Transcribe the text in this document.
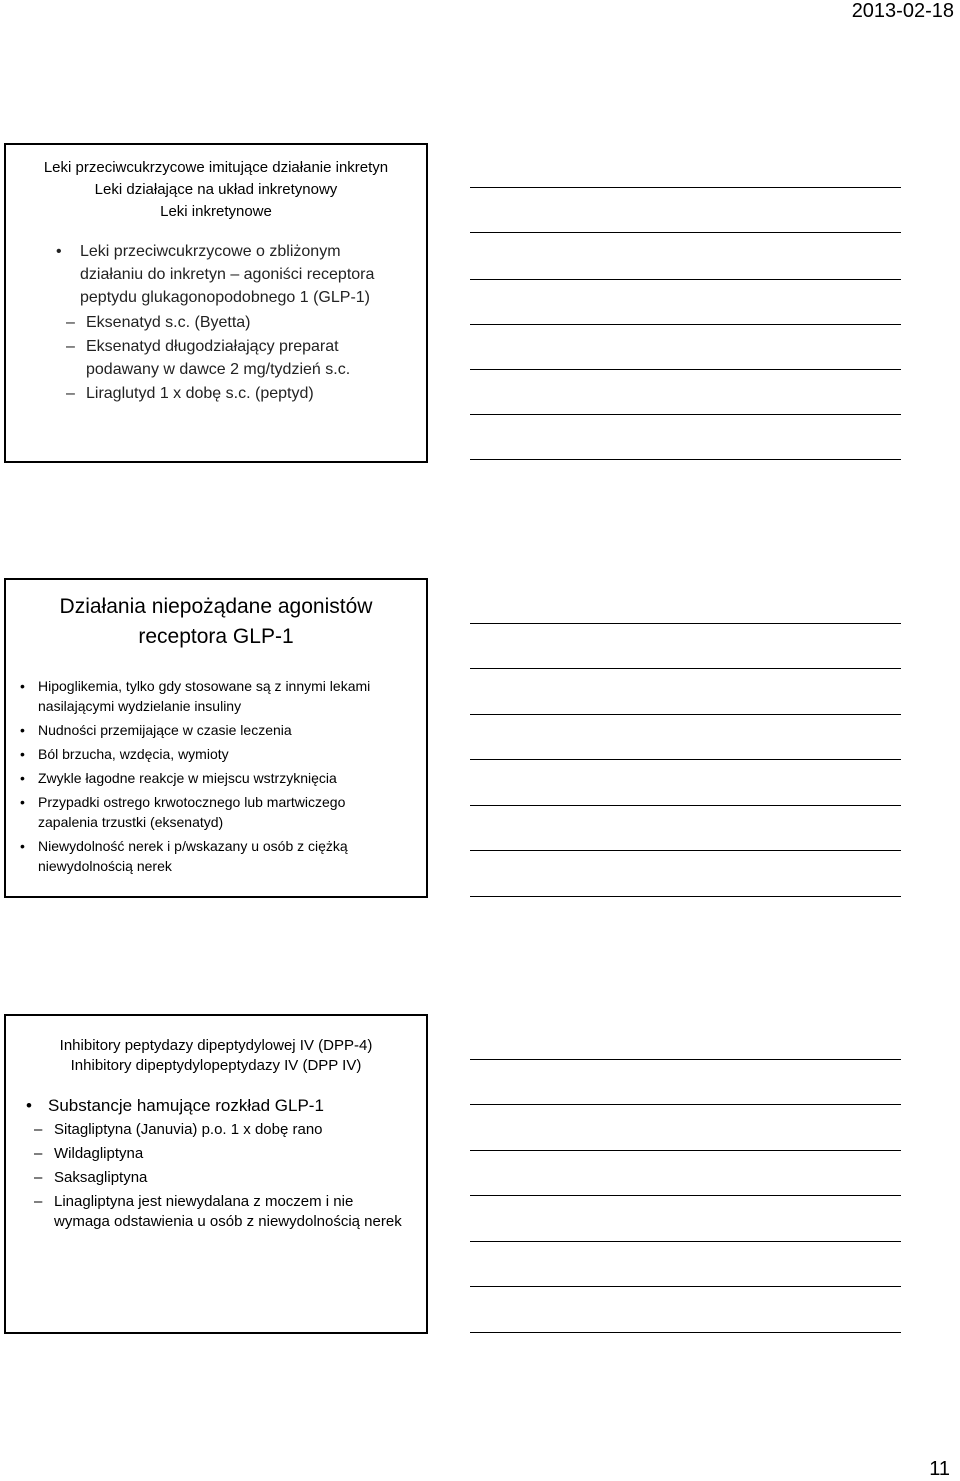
2013-02-18
Leki przeciwcukrzycowe imitujące działanie inkretyn
Leki działające na układ inkretynowy
Leki inkretynowe
• Leki przeciwcukrzycowe o zbliżonym działaniu do inkretyn – agoniści receptora peptydu glukagonopodobnego 1 (GLP-1)
– Eksenatyd s.c. (Byetta)
– Eksenatyd długodziałający preparat podawany w dawce 2 mg/tydzień s.c.
– Liraglutyd 1 x dobę s.c. (peptyd)
Działania niepożądane agonistów
receptora GLP-1
• Hipoglikemia, tylko gdy stosowane są z innymi lekami nasilającymi wydzielanie insuliny
• Nudności przemijające w czasie leczenia
• Ból brzucha, wzdęcia, wymioty
• Zwykle łagodne reakcje w miejscu wstrzyknięcia
• Przypadki ostrego krwotocznego lub martwiczego zapalenia trzustki (eksenatyd)
• Niewydolność nerek i p/wskazany u osób z ciężką niewydolnością nerek
Inhibitory peptydazy dipeptydylowej IV (DPP-4)
Inhibitory dipeptydylopeptydazy IV (DPP IV)
• Substancje hamujące rozkład GLP-1
– Sitagliptyna (Januvia) p.o. 1 x dobę rano
– Wildagliptyna
– Saksagliptyna
– Linagliptyna jest niewydalana z moczem i nie wymaga odstawienia u osób z niewydolnością nerek
11
